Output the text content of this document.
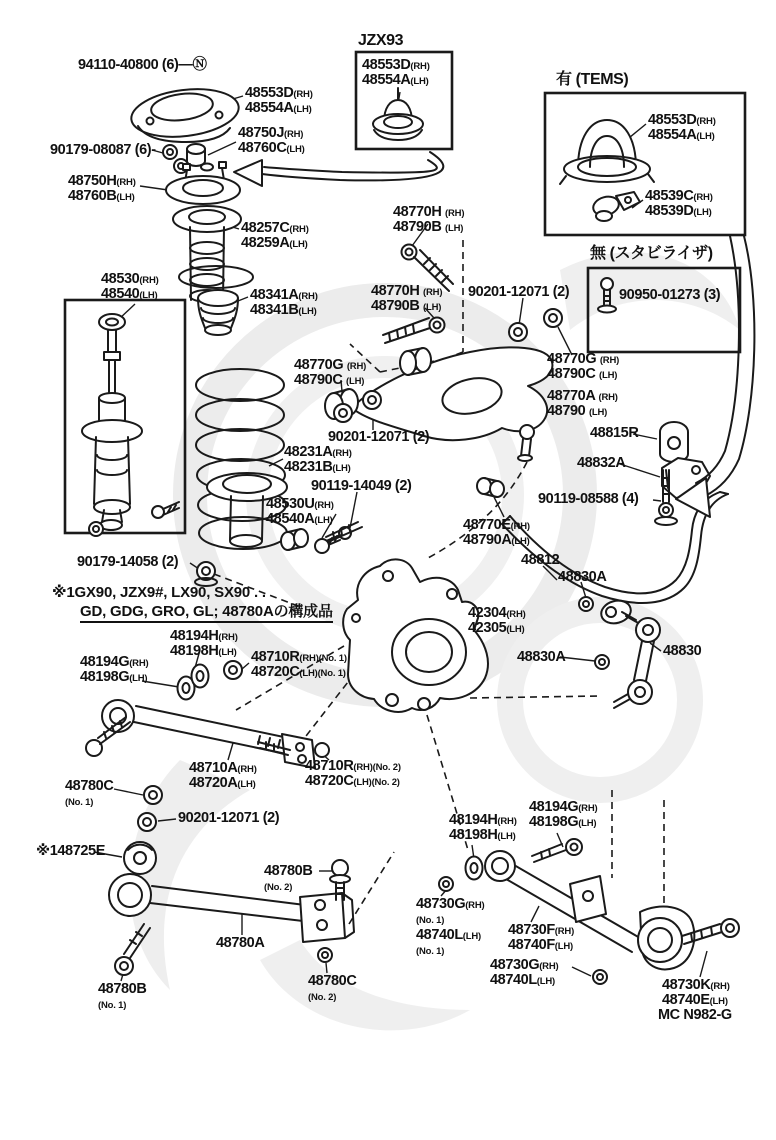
94110-40800 (6)—Ⓝ
48553D(RH)
48554A(LH)
48750J(RH)
48760C(LH)
90179-08087 (6)-
48750H(RH)
48760B(LH)
JZX93
48553D(RH)
48554A(LH)	有 (TEMS)
48553D(RH)
48554A(LH)
48539C(RH)
48539D(LH)
無 (スタビライザ)
90950-01273 (3)
48257C(RH)
48259A(LH)
48530(RH)
48540(LH)	48341A(RH)
48341B(LH)
48770H (RH)
48790B (LH)
48770H (RH)
48790B (LH)
90201-12071 (2)
48770G (RH)
48790C (LH)
48770A (RH)
48790 (LH)
48770G (RH)
48790C (LH)
90201-12071 (2)
48231A(RH)
48231B(LH)
90119-14049 (2)
48530U(RH)
48540A(LH)
48815R
48832A
90119-08588 (4)
48770E(RH)
48790A(LH)
48812
48830A
90179-14058 (2)
※1GX90, JZX9#, LX90, SX90 . .
GD, GDG, GRO, GL; 48780Aの構成品	42304(RH)
42305(LH)
48194H(RH)
48198H(LH)
48194G(RH)
48198G(LH)
48710R(RH)(No. 1)
48720C(LH)(No. 1)
48830A	48830
48710A(RH)
48720A(LH)
48710R(RH)(No. 2)
48720C(LH)(No. 2)
48780C
(No. 1)
90201-12071 (2)
※148725E
48194G(RH)
48198G(LH)
48194H(RH)
48198H(LH)
48780B
(No. 2)
48730G(RH)
(No. 1)
48740L(LH)
(No. 1)
48730F(RH)
48740F(LH)
48780A
48730G(RH)
48740L(LH)
48780B
(No. 1)
48780C
(No. 2)
48730K(RH)
48740E(LH)
MC N982-G
